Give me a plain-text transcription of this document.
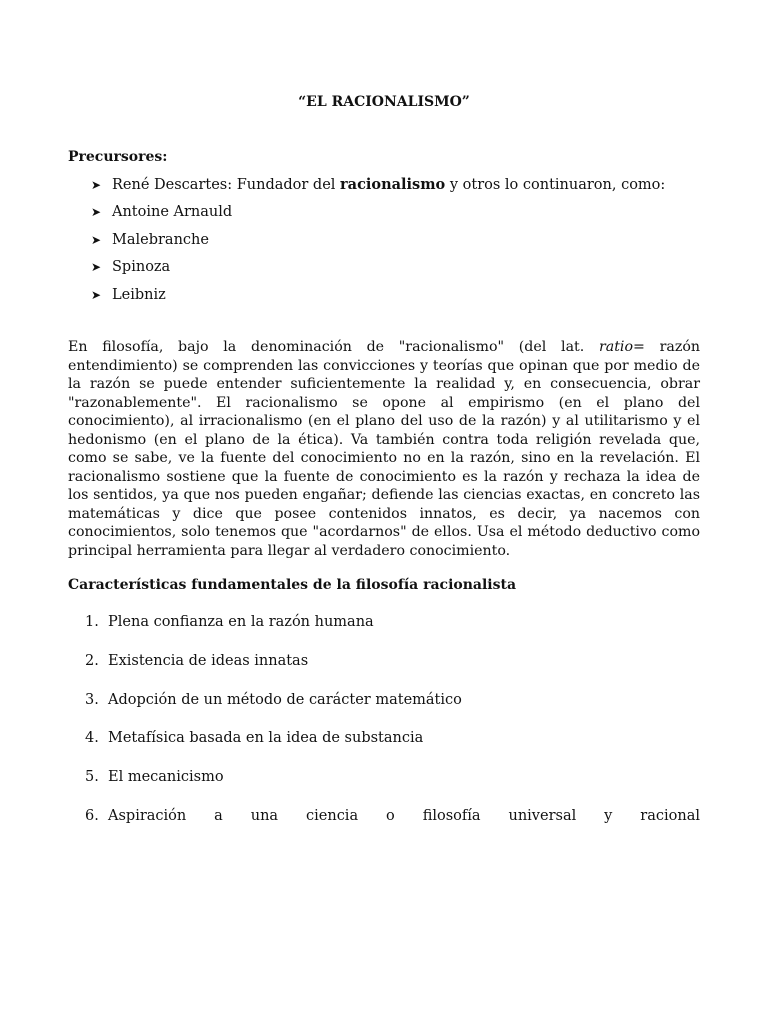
“EL RACIONALISMO”
Precursores:
➤ René Descartes: Fundador del racionalismo y otros lo continuaron, como:
➤ Antoine Arnauld
➤ Malebranche
➤ Spinoza
➤ Leibniz

En filosofía, bajo la denominación de "racionalismo" (del lat. ratio= razón entendimiento) se comprenden las convicciones y teorías que opinan que por medio de la razón se puede entender suficientemente la realidad y, en consecuencia, obrar "razonablemente". El racionalismo se opone al empirismo (en el plano del conocimiento), al irracionalismo (en el plano del uso de la razón) y al utilitarismo y el hedonismo (en el plano de la ética). Va también contra toda religión revelada que, como se sabe, ve la fuente del conocimiento no en la razón, sino en la revelación. El racionalismo sostiene que la fuente de conocimiento es la razón y rechaza la idea de los sentidos, ya que nos pueden engañar; defiende las ciencias exactas, en concreto las matemáticas y dice que posee contenidos innatos, es decir, ya nacemos con conocimientos, solo tenemos que "acordarnos" de ellos. Usa el método deductivo como principal herramienta para llegar al verdadero conocimiento.

Características fundamentales de la filosofía racionalista
1. Plena confianza en la razón humana
2. Existencia de ideas innatas
3. Adopción de un método de carácter matemático
4. Metafísica basada en la idea de substancia
5. El mecanicismo
6. Aspiración a una ciencia o filosofía universal y racional
